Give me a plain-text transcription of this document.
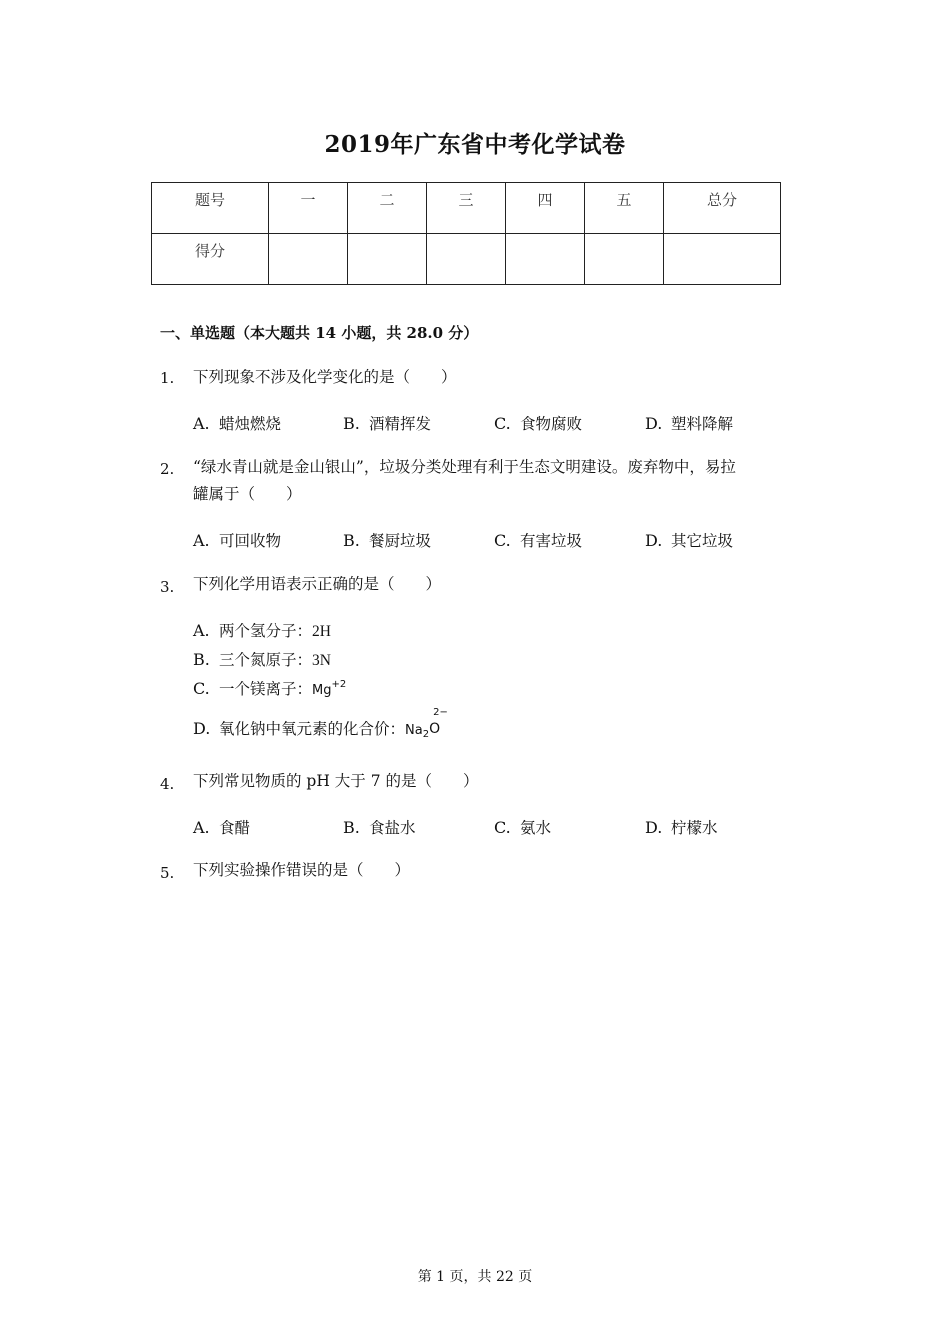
2019年广东省中考化学试卷
题号	一	二	三	四	五	总分
得分						
一、单选题（本大题共 14 小题，共 28.0 分）
1.	下列现象不涉及化学变化的是（　　）
A. 蜡烛燃烧	B. 酒精挥发	C. 食物腐败	D. 塑料降解
2.	“绿水青山就是金山银山”，垃圾分类处理有利于生态文明建设。废弃物中，易拉
罐属于（　　）
A. 可回收物	B. 餐厨垃圾	C. 有害垃圾	D. 其它垃圾
3.	下列化学用语表示正确的是（　　）
A. 两个氢分子：2H
B. 三个氮原子：3N
C. 一个镁离子：$Mg^{+2}$
D. 氧化钠中氧元素的化合价：Na2
2−
O
4.	下列常见物质的 pH 大于 7 的是（　　）
A. 食醋	B. 食盐水	C. 氨水	D. 柠檬水
5.	下列实验操作错误的是（　　）
第 1 页，共 22 页
